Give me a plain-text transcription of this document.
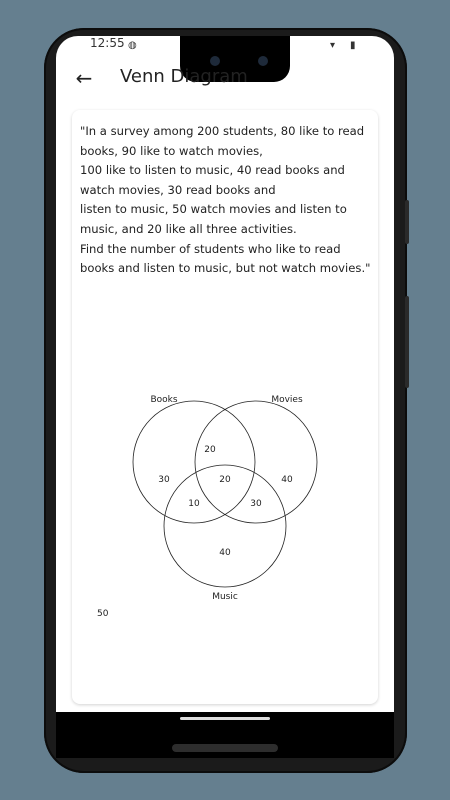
12:55 ◍	▾ ▮
← Venn Diagram
"In a survey among 200 students, 80 like to read
books, 90 like to watch movies,
100 like to listen to music, 40 read books and
watch movies, 30 read books and
listen to music, 50 watch movies and listen to
music, and 20 like all three activities.
Find the number of students who like to read
books and listen to music, but not watch movies."
Books	Movies
Music
30	40
40
20
10	30
20
50
